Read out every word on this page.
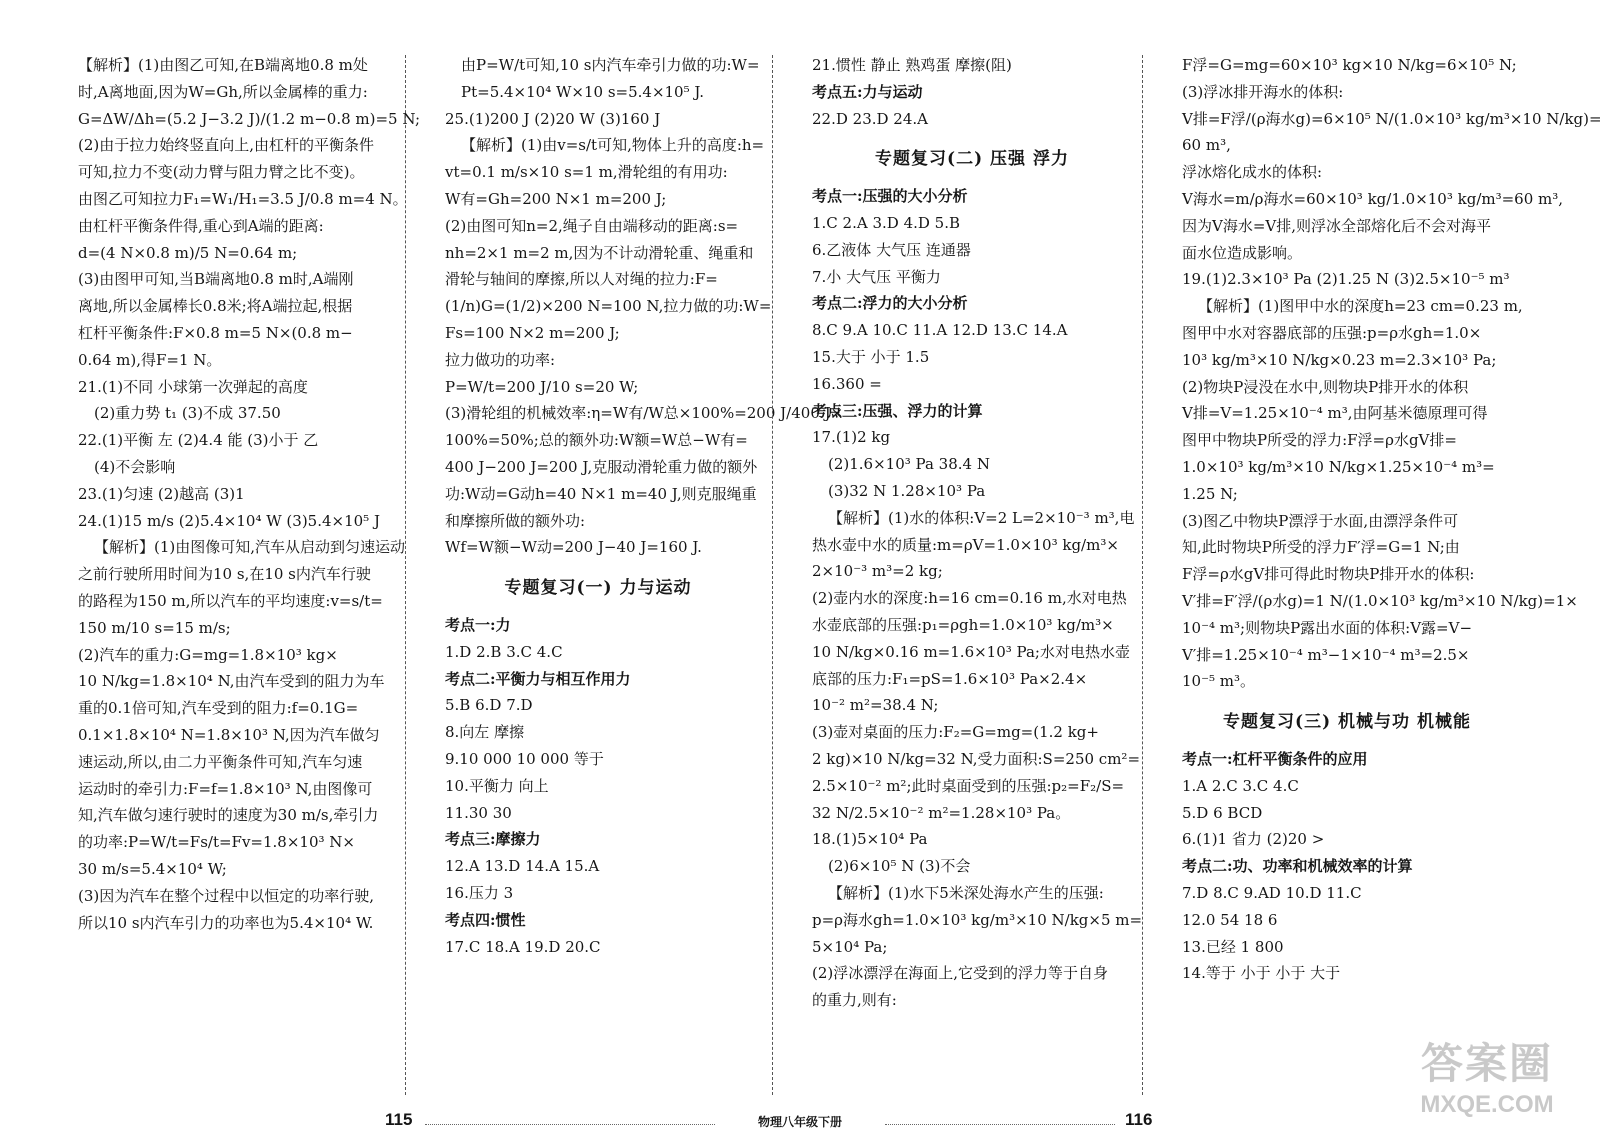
【解析】(1)由图乙可知,在B端离地0.8 m处
时,A离地面,因为W=Gh,所以金属棒的重力:
G=ΔW/Δh=(5.2 J−3.2 J)/(1.2 m−0.8 m)=5 N;
(2)由于拉力始终竖直向上,由杠杆的平衡条件
可知,拉力不变(动力臂与阻力臂之比不变)。
由图乙可知拉力F₁=W₁/H₁=3.5 J/0.8 m=4 N。
由杠杆平衡条件得,重心到A端的距离:
d=(4 N×0.8 m)/5 N=0.64 m;
(3)由图甲可知,当B端离地0.8 m时,A端刚
离地,所以金属棒长0.8米;将A端拉起,根据
杠杆平衡条件:F×0.8 m=5 N×(0.8 m−
0.64 m),得F=1 N。
21.(1)不同 小球第一次弹起的高度
(2)重力势 t₁ (3)不成 37.50
22.(1)平衡 左 (2)4.4 能 (3)小于 乙
(4)不会影响
23.(1)匀速 (2)越高 (3)1
24.(1)15 m/s (2)5.4×10⁴ W (3)5.4×10⁵ J
【解析】(1)由图像可知,汽车从启动到匀速运动
之前行驶所用时间为10 s,在10 s内汽车行驶
的路程为150 m,所以汽车的平均速度:v=s/t=
150 m/10 s=15 m/s;
(2)汽车的重力:G=mg=1.8×10³ kg×
10 N/kg=1.8×10⁴ N,由汽车受到的阻力为车
重的0.1倍可知,汽车受到的阻力:f=0.1G=
0.1×1.8×10⁴ N=1.8×10³ N,因为汽车做匀
速运动,所以,由二力平衡条件可知,汽车匀速
运动时的牵引力:F=f=1.8×10³ N,由图像可
知,汽车做匀速行驶时的速度为30 m/s,牵引力
的功率:P=W/t=Fs/t=Fv=1.8×10³ N×
30 m/s=5.4×10⁴ W;
(3)因为汽车在整个过程中以恒定的功率行驶,
所以10 s内汽车引力的功率也为5.4×10⁴ W.
由P=W/t可知,10 s内汽车牵引力做的功:W=
Pt=5.4×10⁴ W×10 s=5.4×10⁵ J.
25.(1)200 J (2)20 W (3)160 J
【解析】(1)由v=s/t可知,物体上升的高度:h=
vt=0.1 m/s×10 s=1 m,滑轮组的有用功:
W有=Gh=200 N×1 m=200 J;
(2)由图可知n=2,绳子自由端移动的距离:s=
nh=2×1 m=2 m,因为不计动滑轮重、绳重和
滑轮与轴间的摩擦,所以人对绳的拉力:F=
(1/n)G=(1/2)×200 N=100 N,拉力做的功:W=
Fs=100 N×2 m=200 J;
拉力做功的功率:
P=W/t=200 J/10 s=20 W;
(3)滑轮组的机械效率:η=W有/W总×100%=200 J/400 J×
100%=50%;总的额外功:W额=W总−W有=
400 J−200 J=200 J,克服动滑轮重力做的额外
功:W动=G动h=40 N×1 m=40 J,则克服绳重
和摩擦所做的额外功:
Wf=W额−W动=200 J−40 J=160 J.
专题复习(一) 力与运动
考点一:力
1.D 2.B 3.C 4.C
考点二:平衡力与相互作用力
5.B 6.D 7.D
8.向左 摩擦
9.10 000 10 000 等于
10.平衡力 向上
11.30 30
考点三:摩擦力
12.A 13.D 14.A 15.A
16.压力 3
考点四:惯性
17.C 18.A 19.D 20.C
21.惯性 静止 熟鸡蛋 摩擦(阻)
考点五:力与运动
22.D 23.D 24.A
专题复习(二) 压强 浮力
考点一:压强的大小分析
1.C 2.A 3.D 4.D 5.B
6.乙液体 大气压 连通器
7.小 大气压 平衡力
考点二:浮力的大小分析
8.C 9.A 10.C 11.A 12.D 13.C 14.A
15.大于 小于 1.5
16.360 =
考点三:压强、浮力的计算
17.(1)2 kg
(2)1.6×10³ Pa 38.4 N
(3)32 N 1.28×10³ Pa
【解析】(1)水的体积:V=2 L=2×10⁻³ m³,电
热水壶中水的质量:m=ρV=1.0×10³ kg/m³×
2×10⁻³ m³=2 kg;
(2)壶内水的深度:h=16 cm=0.16 m,水对电热
水壶底部的压强:p₁=ρgh=1.0×10³ kg/m³×
10 N/kg×0.16 m=1.6×10³ Pa;水对电热水壶
底部的压力:F₁=pS=1.6×10³ Pa×2.4×
10⁻² m²=38.4 N;
(3)壶对桌面的压力:F₂=G=mg=(1.2 kg+
2 kg)×10 N/kg=32 N,受力面积:S=250 cm²=
2.5×10⁻² m²;此时桌面受到的压强:p₂=F₂/S=
32 N/2.5×10⁻² m²=1.28×10³ Pa。
18.(1)5×10⁴ Pa
(2)6×10⁵ N (3)不会
【解析】(1)水下5米深处海水产生的压强:
p=ρ海水gh=1.0×10³ kg/m³×10 N/kg×5 m=
5×10⁴ Pa;
(2)浮冰漂浮在海面上,它受到的浮力等于自身
的重力,则有:
F浮=G=mg=60×10³ kg×10 N/kg=6×10⁵ N;
(3)浮冰排开海水的体积:
V排=F浮/(ρ海水g)=6×10⁵ N/(1.0×10³ kg/m³×10 N/kg)=
60 m³,
浮冰熔化成水的体积:
V海水=m/ρ海水=60×10³ kg/1.0×10³ kg/m³=60 m³,
因为V海水=V排,则浮冰全部熔化后不会对海平
面水位造成影响。
19.(1)2.3×10³ Pa (2)1.25 N (3)2.5×10⁻⁵ m³
【解析】(1)图甲中水的深度h=23 cm=0.23 m,
图甲中水对容器底部的压强:p=ρ水gh=1.0×
10³ kg/m³×10 N/kg×0.23 m=2.3×10³ Pa;
(2)物块P浸没在水中,则物块P排开水的体积
V排=V=1.25×10⁻⁴ m³,由阿基米德原理可得
图甲中物块P所受的浮力:F浮=ρ水gV排=
1.0×10³ kg/m³×10 N/kg×1.25×10⁻⁴ m³=
1.25 N;
(3)图乙中物块P漂浮于水面,由漂浮条件可
知,此时物块P所受的浮力F′浮=G=1 N;由
F浮=ρ水gV排可得此时物块P排开水的体积:
V′排=F′浮/(ρ水g)=1 N/(1.0×10³ kg/m³×10 N/kg)=1×
10⁻⁴ m³;则物块P露出水面的体积:V露=V−
V′排=1.25×10⁻⁴ m³−1×10⁻⁴ m³=2.5×
10⁻⁵ m³。
专题复习(三) 机械与功 机械能
考点一:杠杆平衡条件的应用
1.A 2.C 3.C 4.C
5.D 6 BCD
6.(1)1 省力 (2)20 >
考点二:功、功率和机械效率的计算
7.D 8.C 9.AD 10.D 11.C
12.0 54 18 6
13.已经 1 800
14.等于 小于 小于 大于
115	物理八年级下册	116
答案圈
MXQE.COM
